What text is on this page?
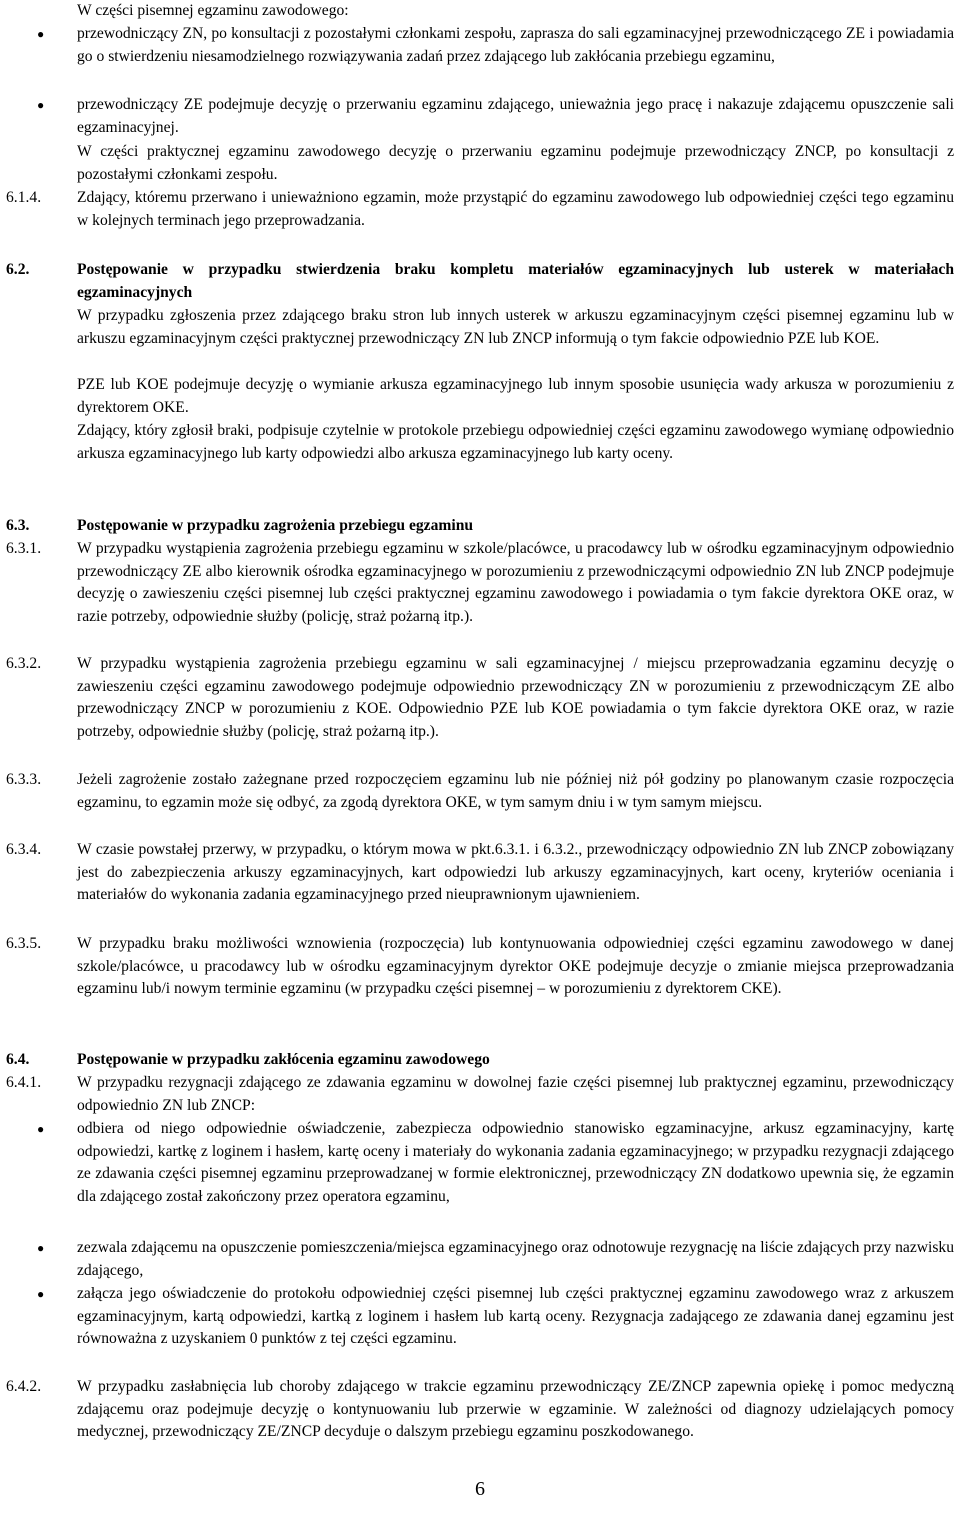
W części pisemnej egzaminu zawodowego:

● przewodniczący ZN, po konsultacji z pozostałymi członkami zespołu, zaprasza do sali egzaminacyjnej przewodniczącego ZE i powiadamia go o stwierdzeniu niesamodzielnego rozwiązywania zadań przez zdającego lub zakłócania przebiegu egzaminu,

● przewodniczący ZE podejmuje decyzję o przerwaniu egzaminu zdającego, unieważnia jego pracę i nakazuje zdającemu opuszczenie sali egzaminacyjnej.

W części praktycznej egzaminu zawodowego decyzję o przerwaniu egzaminu podejmuje przewodniczący ZNCP, po konsultacji z pozostałymi członkami zespołu.

6.1.4.	Zdający, któremu przerwano i unieważniono egzamin, może przystąpić do egzaminu zawodowego lub odpowiedniej części tego egzaminu w kolejnych terminach jego przeprowadzania.

6.2.	Postępowanie w przypadku stwierdzenia braku kompletu materiałów egzaminacyjnych lub usterek w materiałach egzaminacyjnych

W przypadku zgłoszenia przez zdającego braku stron lub innych usterek w arkuszu egzaminacyjnym części pisemnej egzaminu lub w arkuszu egzaminacyjnym części praktycznej przewodniczący ZN lub ZNCP informują o tym fakcie odpowiednio PZE lub KOE.

PZE lub KOE podejmuje decyzję o wymianie arkusza egzaminacyjnego lub innym sposobie usunięcia wady arkusza w porozumieniu z dyrektorem OKE.

Zdający, który zgłosił braki, podpisuje czytelnie w protokole przebiegu odpowiedniej części egzaminu zawodowego wymianę odpowiednio arkusza egzaminacyjnego lub karty odpowiedzi albo arkusza egzaminacyjnego lub karty oceny.

6.3.	Postępowanie w przypadku zagrożenia przebiegu egzaminu

6.3.1.	W przypadku wystąpienia zagrożenia przebiegu egzaminu w szkole/placówce, u pracodawcy lub w ośrodku egzaminacyjnym odpowiednio przewodniczący ZE albo kierownik ośrodka egzaminacyjnego w porozumieniu z przewodniczącymi odpowiednio ZN lub ZNCP podejmuje decyzję o zawieszeniu części pisemnej lub części praktycznej egzaminu zawodowego i powiadamia o tym fakcie dyrektora OKE oraz, w razie potrzeby, odpowiednie służby (policję, straż pożarną itp.).

6.3.2.	W przypadku wystąpienia zagrożenia przebiegu egzaminu w sali egzaminacyjnej / miejscu przeprowadzania egzaminu decyzję o zawieszeniu części egzaminu zawodowego podejmuje odpowiednio przewodniczący ZN w porozumieniu z przewodniczącym ZE albo przewodniczący ZNCP w porozumieniu z KOE. Odpowiednio PZE lub KOE powiadamia o tym fakcie dyrektora OKE oraz, w razie potrzeby, odpowiednie służby (policję, straż pożarną itp.).

6.3.3.	Jeżeli zagrożenie zostało zażegnane przed rozpoczęciem egzaminu lub nie później niż pół godziny po planowanym czasie rozpoczęcia egzaminu, to egzamin może się odbyć, za zgodą dyrektora OKE, w tym samym dniu i w tym samym miejscu.

6.3.4.	W czasie powstałej przerwy, w przypadku, o którym mowa w pkt.6.3.1. i 6.3.2., przewodniczący odpowiednio ZN lub ZNCP zobowiązany jest do zabezpieczenia arkuszy egzaminacyjnych, kart odpowiedzi lub arkuszy egzaminacyjnych, kart oceny, kryteriów oceniania i materiałów do wykonania zadania egzaminacyjnego przed nieuprawnionym ujawnieniem.

6.3.5.	W przypadku braku możliwości wznowienia (rozpoczęcia) lub kontynuowania odpowiedniej części egzaminu zawodowego w danej szkole/placówce, u pracodawcy lub w ośrodku egzaminacyjnym dyrektor OKE podejmuje decyzje o zmianie miejsca przeprowadzania egzaminu lub/i nowym terminie egzaminu (w przypadku części pisemnej – w porozumieniu z dyrektorem CKE).

6.4.	Postępowanie w przypadku zakłócenia egzaminu zawodowego

6.4.1.	W przypadku rezygnacji zdającego ze zdawania egzaminu w dowolnej fazie części pisemnej lub praktycznej egzaminu, przewodniczący odpowiednio ZN lub ZNCP:

● odbiera od niego odpowiednie oświadczenie, zabezpiecza odpowiednio stanowisko egzaminacyjne, arkusz egzaminacyjny, kartę odpowiedzi, kartkę z loginem i hasłem, kartę oceny i materiały do wykonania zadania egzaminacyjnego; w przypadku rezygnacji zdającego ze zdawania części pisemnej egzaminu przeprowadzanej w formie elektronicznej, przewodniczący ZN dodatkowo upewnia się, że egzamin dla zdającego został zakończony przez operatora egzaminu,

● zezwala zdającemu na opuszczenie pomieszczenia/miejsca egzaminacyjnego oraz odnotowuje rezygnację na liście zdających przy nazwisku zdającego,

● załącza jego oświadczenie do protokołu odpowiedniej części pisemnej lub części praktycznej egzaminu zawodowego wraz z arkuszem egzaminacyjnym, kartą odpowiedzi, kartką z loginem i hasłem lub kartą oceny. Rezygnacja zadającego ze zdawania danej egzaminu jest równoważna z uzyskaniem 0 punktów z tej części egzaminu.

6.4.2.	W przypadku zasłabnięcia lub choroby zdającego w trakcie egzaminu przewodniczący ZE/ZNCP zapewnia opiekę i pomoc medyczną zdającemu oraz podejmuje decyzję o kontynuowaniu lub przerwie w egzaminie. W zależności od diagnozy udzielających pomocy medycznej, przewodniczący ZE/ZNCP decyduje o dalszym przebiegu egzaminu poszkodowanego.

6
